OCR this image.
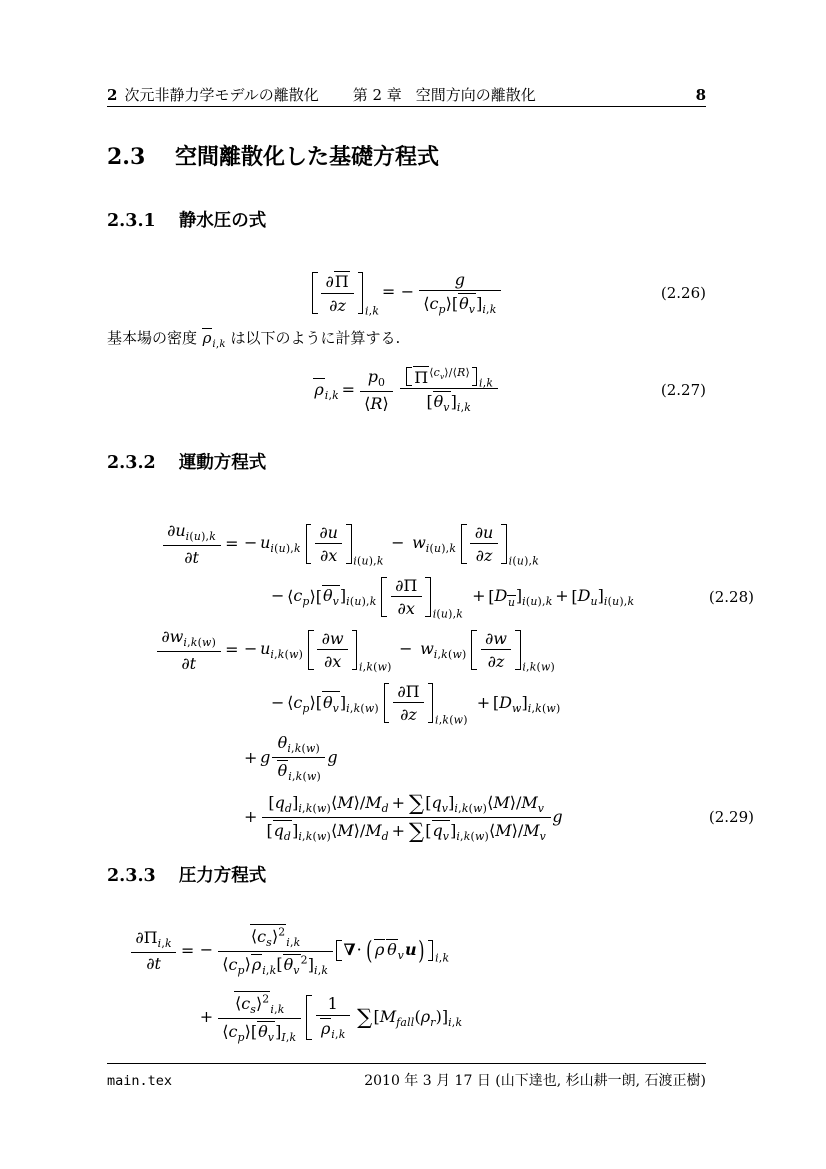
2 次元非静力学モデルの離散化 第 2 章 空間方向の離散化	8
2.3 空間離散化した基礎方程式
2.3.1 静水圧の式
∂Π
∂z	i,k
= − $\frac{g}{⟨c_p⟩[\theta_v]_{i,k}}$	(2.26)
基本場の密度 $\rho_{i,k}$ は以下のように計算する.
$\rho_{i,k} = \frac{p_0}{⟨R⟩} \Pi^{⟨c_v⟩/⟨R⟩}$
i,k
$[\theta_v]_{i,k}$	(2.27)
2.3.2 運動方程式
$\partial u_{i(u),k}$
∂t
= − $u_{i(u),k}$
∂u
∂x	i(u),k
− $w_{i(u),k}$
∂u
∂z	i(u),k
− $⟨c_p⟩[\theta_v]_{i(u),k}$
∂Π
∂x	i(u),k
+ $[D_u]_{i(u),k} + [D_u]_{i(u),k}$	(2.28)
$\partial w_{i,k(w)}$
∂t
= − $u_{i,k(w)}$
∂w
∂x	i,k(w)
− $w_{i,k(w)}$
∂w
∂z	i,k(w)
− $⟨c_p⟩[\theta_v]_{i,k(w)}$
∂Π
∂z	i,k(w)
+ $[D_w]_{i,k(w)}$
+ g $\frac{\theta_{i,k(w)}}{\theta_{i,k(w)}}$ g
+ $\frac{[q_d]_{i,k(w)}⟨M⟩/M_d + \sum[q_v]_{i,k(w)}⟨M⟩/M_v}{[q_d]_{i,k(w)}⟨M⟩/M_d + \sum[q_v]_{i,k(w)}⟨M⟩/M_v}$ g	(2.29)
2.3.3 圧力方程式
$\partial\Pi_{i,k}$
∂t
= − $\frac{⟨c_s⟩^2_{i,k}}{⟨c_p⟩\rho_{i,k}[\theta_v^2]_{i,k}}$ ∇⋅ ( ρ $\theta_vu$ ) i,k
+ $\frac{⟨c_s⟩^2_{i,k}}{⟨c_p⟩[\theta_v]_{I,k}} \frac{1}{\rho_{i,k}} \sum[M_{fall}(\rho_r)]_{i,k}$
main.tex	2010 年 3 月 17 日 (山下達也, 杉山耕一朗, 石渡正樹)
